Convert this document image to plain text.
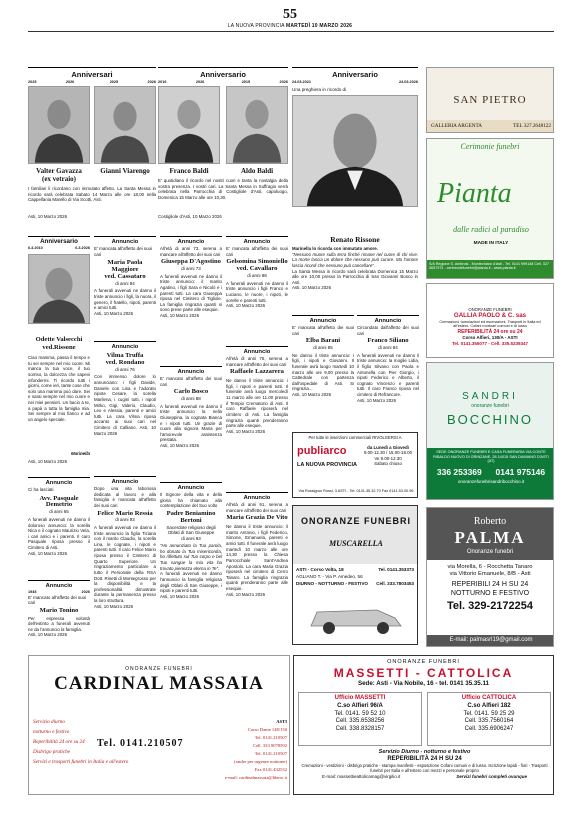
55
LA NUOVA PROVINCIA MARTEDÌ 10 MARZO 2026
Anniversari
2025	2026	2025	2026
Valter Gavazza
(ex vetraio)
Gianni Viarengo
I familiari li ricordano con immutato affetto. La Santa Messa in ricordo sarà celebrata Sabato 14 Marzo alle ore 18,00 nella Cappellania Marello di Via Scotti, Asti.
Asti, 10 Marzo 2026
Anniversario
2016	2026	2015	2026
Franco Baldi	Aldo Baldi
E' quotidiano il ricordo nel nostri cuori e tanta la nostalgia della vostra presenza. I vostri cari. La Santa Messa in Suffragio verrà celebrata nella Parrocchia di Costigliole d'Asti, capoluogo, Domenica 15 Marzo alle ore 10,30.
Costigliole d'Asti, 10 Marzo 2026
Anniversario
24.03.2021	24.03.2026
Una preghiera in ricordo di
Renato Rissone
Marinella lo ricorda con immutato amore.
"Nessuno muore sulla terra finché rimane nel cuore di chi vive. La morte lascia un dolore che nessuno può curare. Ma l'amore lascia ricordi che nessuno può cancellare".
La Santa Messa in ricordo sarà celebrata Domenica 15 Marzo alle ore 10,00 presso la Parrocchia di San Giovanni Bosco in Asti.
Asti, 10 Marzo 2026
SAN PIETRO
GALLERIA ARGENTA	TEL 327.2648122
Cerimonie funebri
Pianta
dalle radici al paradiso
MADE IN ITALY
S/A Regione S. Ambrosi - Montechiaro d'Asti - Tel. 0141 999148 Cell. 327 0657974 - cerimoniefunebri@pianta.it - www.pianta.it
ONORANZE FUNEBRI
GALLIA PAOLO & C. sas
Cremazioni, tumulazioni ed esumazioni. Trasporti in Italia ed all'estero. Cofani mortuari comuni e di lusso
REPERIBILITÀ 24 ore su 24
Corso Alfieri, 130/A - ASTI
Tel. 0141.355077 - Cell. 335.5239347
SANDRI
onoranze funebri
BOCCHINO
SEDE ONORANZE FUNEBRI E CASA FUNERARIA VIA CONTE RIBALDO NUOVO DI GRINZANE, 28 14015 SAN DAMIANO D'ASTI (AT)
336 253369 0141 975146
onoranzefunebrisandribocchino.it
Roberto
PALMA
Onoranze funebri
via Morella, 6 - Rocchetta Tanaro
via Vittorio Emanuele, 8/B - Asti
REPERIBILI 24 H SU 24
NOTTURNO E FESTIVO
Tel. 329-2172254
E-mail: palmasrl19@gmail.com
Anniversario
6.3.2010	6.3.2026
Odette Valsecchi
ved.Rissone
Ciao mamma, passa il tempo e tu sei sempre nel mio cuore. Mi manca la tua voce, il tuo sorriso, la dolcezza che sapevi infondermi. Ti ricordo tutti i giorni, come ieri, tante cose che solo una mamma può dare. Sei e sarai sempre nel mio cuore e nei miei pensieri. Un bacio a te, a papà a tutta la famiglia mia. Sei sempre al mio fianco e ad un angelo speciale.
Marinella
Asti, 10 Marzo 2026
Annuncio
Ci ha lasciati
Avv. Pasquale Demetrio
di anni 65
A funerali avvenuti ne danno il doloroso annuncio: la sorella Nica e il cognato Maurizio Vela, i cari amici e i parenti. Il caro Pasquale riposa presso il Cimitero di Asti.
Asti, 10 Marzo 2026
Annuncio
1945	2026
E' mancato all'affetto dei suoi cari
Mario Tonino
Per espressa volontà dell'estinto a funerali avvenuti ne da l'annuncio la famiglia.
Asti, 10 Marzo 2026
Annuncio
E' mancata all'affetto dei suoi cari
Maria Paola Maggiore
ved. Cassataro
di anni 94
A funerali avvenuti ne danno il triste annuncio i figli, la nuora, il genero, il fratello, nipoti, parenti e amici tutti.
Asti, 10 Marzo 2026
Annuncio
Vilma Truffa
ved. Rondano
di anni 76
Con immenso dolore lo annunciano: i figli Davide, Daniele con Lisa e l'adorato nipote Cesare, la sorella Marilena, i cugini tutti, i nipoti Mirko, Gigi, Valerio, Claudio, Leo e Alessia, parenti e amici tutti. La cara Vilma riposa accanto ai suoi cari nel Cimitero di Calliano. Asti, 10 Marzo 2026
Annuncio
Dopo una vita laboriosa dedicata al lavoro e alla famiglia è mancata all'affetto dei suoi cari
Felice Mario Ressia
di anni 93
A funerali avvenuti ne danno il triste annuncio la figlia Tiziana con il marito Claudio, la sorella Lina, le cognate, i nipoti e parenti tutti. Il caro Felice Mario riposa presso il Cimitero di Quarto Superiore. Un ringraziamento particolare a tutto il Personale della RSA Dott. Rinetti di Montegrosso per la disponibilità e la professionalità dimostrate durante la permanenza presso la loro struttura.
Asti, 10 Marzo 2026
Annuncio
All'età di anni 73, serena a mancare all'affetto dei suoi cari
Giuseppa D'Agostino
di anni 73
A funerali avvenuti ne danno il triste annuncio: il marito Agatino, i figli Sara e Nicolò e i parenti tutti. La cara Giuseppa riposa nel Cimitero di Tigliole. La famiglia ringrazia quanti si sono prese parte alle esequie.
Asti, 10 Marzo 2026
Annuncio
E' mancato all'affetto dei suoi cari
Carlo Bosco
di anni 88
A funerali avvenuti ne danno il triste annuncio la nella Giuseppina, la cognata Bianca e i nipoti tutti. Un grazie di cuore alla signora Maria per l'amorevole assistenza prestata.
Asti, 10 Marzo 2026
Annuncio
Il Signore della vita e della gloria ha chiamato alla contemplazione del Suo volto
Padre Beniamino Bertoni
Sacerdote religioso degli Oblati di San Giuseppe
di anni 93
"Ho annunziato la Tua parola, ho donato la Tua misericordia, ho riflettuto sul Tuo corpo e bel Tuo sangue la mia vita ha trovato pienezza eterna in Te".
A funerali avvenuti ne danno l'annuncio la famiglia religiosa degli Oblati di San Giuseppe, i nipoti e parenti tutti.
Asti, 10 Marzo 2026
Annuncio
E' mancata all'affetto dei suoi cari
Gelsomina Simoniello
ved. Cavallaro
di anni 88
A funerali avvenuti ne danno il triste annuncio i figli Franco e Luciano, le nuore, i nipoti, le sorelle e parenti tutti.
Asti, 10 Marzo 2026
Annuncio
All'età di anni 75, serena a mancare all'affetto dei suoi cari
Raffaele Lazzarera
Ne danno il triste annuncio: i figli, i nipoti e parenti tutti. Il funerale avrà luogo mercoledì 11 marzo alle ore 11.00 presso il Tempio Crematorio di Asti. Il caro Raffaele riposerà nel cimitero di Asti. La famiglia ringrazia quanti prenderanno parte alle esequie.
Asti, 10 Marzo 2026
Annuncio
All'età di anni 91, serena a mancare all'affetto dei suoi cari
Maria Grazia De Vito
Ne danno il triste annuncio: il marito Antonio, i figli Federico, Simone, Emanuela, parenti e amici tutti. Il funerale avrà luogo martedì 10 marzo alle ore 14,30 presso la Chiesa Parrocchiale Sant'Andrea Apostolo. La cara Maria Grazia riposerà nel cimitero di Cerro Tanaro. La famiglia ringrazia quanti prenderanno parte alle esequie.
Asti, 10 Marzo 2026
Annuncio
E' mancata all'affetto dei suoi cari
Elba Barani
di anni 85
Ne danno il triste annuncio: i figli, i nipoti e Giovanni. Il funerale avrà luogo martedì 10 marzo alle ore 9,00 presso la Cattedrale con partenza dall'ospedale di Asti. Si ringrazia...
Asti, 10 Marzo 2026
Annuncio
Circondato dall'affetto dei suoi cari
Franco Siliano
di anni 84
A funerali avvenuti ne danno il triste annuncio: la moglie Lidia, il figlio Silvano con Paola e Antonella con Pier Giorgio, i nipoti Federico e Alberto, il cognato Vincenzo e parenti tutti. Il caro Franco riposa nel cimitero di Refrancore.
Asti, 10 Marzo 2026
Per tutte le inserzioni commerciali RIVOLGERSI A
publiarco
LA NUOVA PROVINCIA
da Lunedì a Giovedì
9.00-12.30 / 15.00-18.00
Ve 9.00-12.30
Sabato chiuso
Via Rossignor Rossi, 3 ASTI - Tel. 0141.35.32.70 Fax 0141.53.00.96
ONORANZE FUNEBRI
MUSCARELLA
ASTI - Corso Volta, 18	Tel. 0141.353373
AGLIANO T. - Via P. Amedeo, 56
DIURNO - NOTTURNO - FESTIVO Cell. 333.7803453
ONORANZE FUNEBRI
CARDINAL MASSAIA
Servizio diurno
notturno e festivo
Reperibilità 24 ore su 24
Disbrigo pratiche
Servizi e trasporti funebri in Italia e all'estero
Tel. 0141.210507
ASTI
Corso Dante 148/150
Tel. 0141.210507
Cell. 333.9078592
Tel. 0141.210507
(anche per urgenze notturne)
Fax 0141.432532
e-mail: cardinalmassaia@libero.it
ONORANZE FUNEBRI
MASSETTI - CATTOLICA
Sede: Asti - Via Nobile, 16 - tel. 0141 35.35.11
Ufficio MASSETTI
C.so Alfieri 96/A
Tel. 0141. 59 52 10
Cell. 335.6538256
Cell. 338.8328157
Ufficio CATTOLICA
C.so Alfieri 182
Tel. 0141. 59 25 29
Cell. 335.7560164
Cell. 335.6906247
Servizio Diurno - notturno e festivo
REPERIBILITÀ 24 H SU 24
Cremazioni - vestizioni - disbrigo pratiche - stampa manifesti - esposizione Cofani comuni e di lusso. Iscrizione lapidi - fiori - Trasporti funebri per Italia e all'estero con mezzi e personale proprio
E-mail: massettieattolicamag@virgilio.it	Servizi funebri completi ovunque
